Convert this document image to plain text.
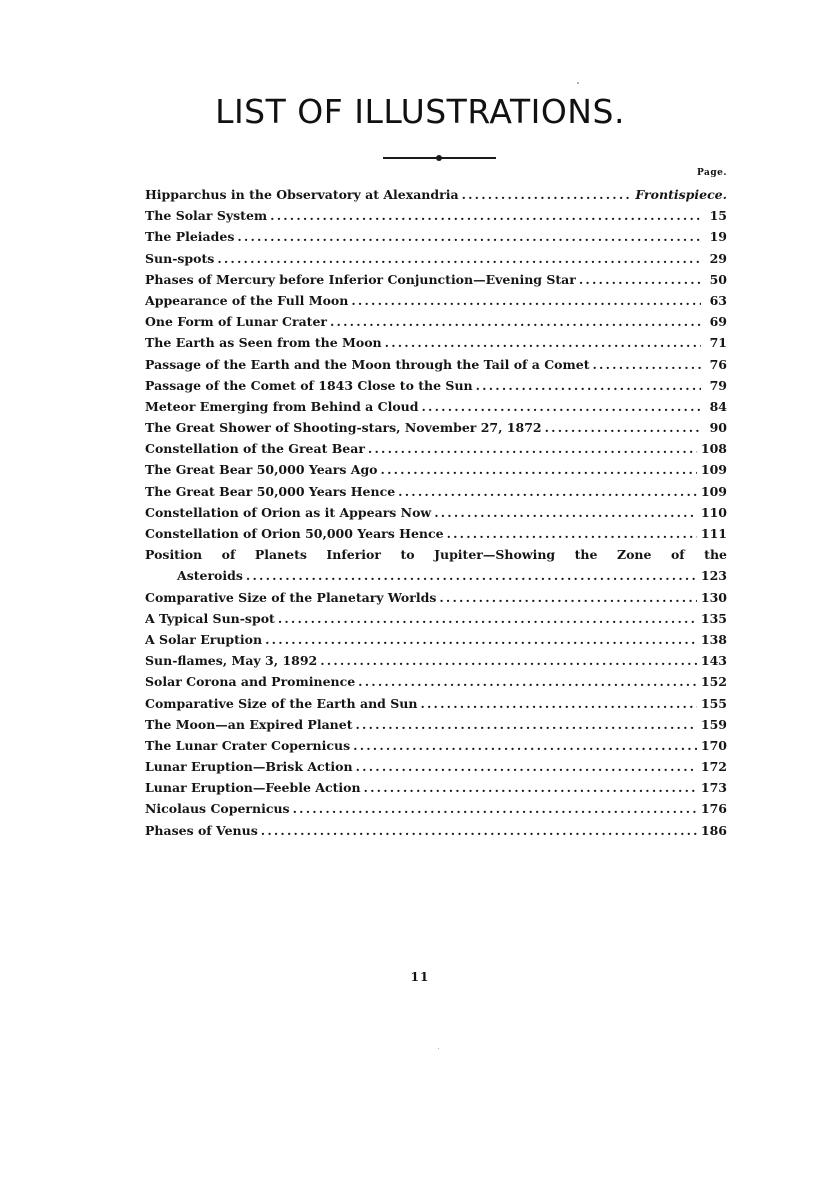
LIST OF ILLUSTRATIONS.
Page.
Hipparchus in the Observatory at Alexandria .....	Frontispiece.
The Solar System .....	15
The Pleiades .....	19
Sun-spots .....	29
Phases of Mercury before Inferior Conjunction—Evening Star .....	50
Appearance of the Full Moon .....	63
One Form of Lunar Crater .....	69
The Earth as Seen from the Moon .....	71
Passage of the Earth and the Moon through the Tail of a Comet .....	76
Passage of the Comet of 1843 Close to the Sun .....	79
Meteor Emerging from Behind a Cloud .....	84
The Great Shower of Shooting-stars, November 27, 1872 .....	90
Constellation of the Great Bear .....	108
The Great Bear 50,000 Years Ago .....	109
The Great Bear 50,000 Years Hence .....	109
Constellation of Orion as it Appears Now .....	110
Constellation of Orion 50,000 Years Hence .....	111
Position of Planets Inferior to Jupiter—Showing the Zone of the
Asteroids .....	123
Comparative Size of the Planetary Worlds .....	130
A Typical Sun-spot .....	135
A Solar Eruption .....	138
Sun-flames, May 3, 1892 .....	143
Solar Corona and Prominence .....	152
Comparative Size of the Earth and Sun .....	155
The Moon—an Expired Planet .....	159
The Lunar Crater Copernicus .....	170
Lunar Eruption—Brisk Action .....	172
Lunar Eruption—Feeble Action .....	173
Nicolaus Copernicus .....	176
Phases of Venus .....	186
11
